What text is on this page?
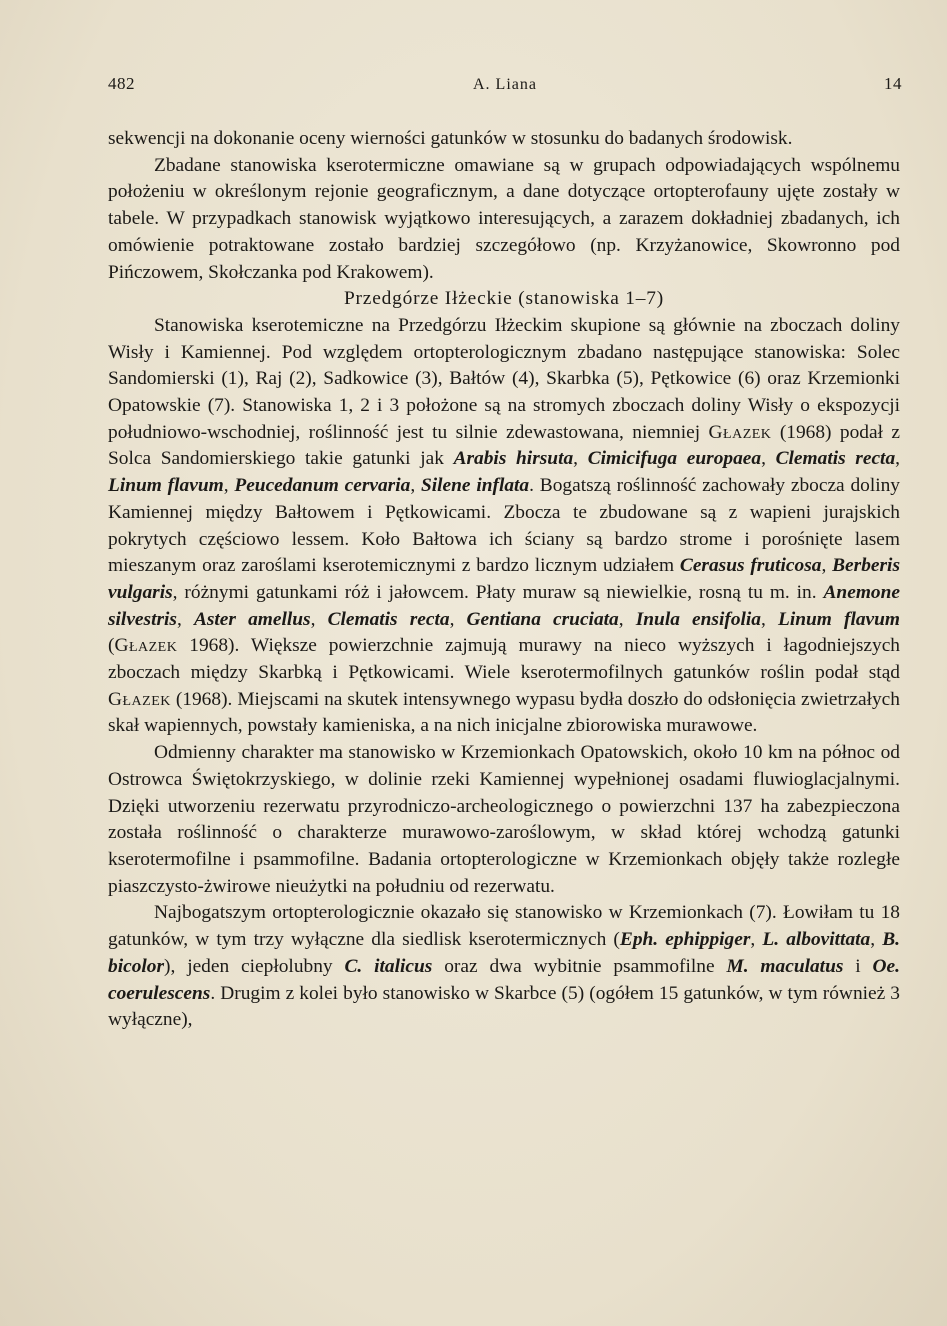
482	A. Liana	14

sekwencji na dokonanie oceny wierności gatunków w stosunku do badanych środowisk.

Zbadane stanowiska kserotermiczne omawiane są w grupach odpowiadających wspólnemu położeniu w określonym rejonie geograficznym, a dane dotyczące ortopterofauny ujęte zostały w tabele. W przypadkach stanowisk wyjątkowo interesujących, a zarazem dokładniej zbadanych, ich omówienie potraktowane zostało bardziej szczegółowo (np. Krzyżanowice, Skowronno pod Pińczowem, Skołczanka pod Krakowem).

Przedgórze Iłżeckie (stanowiska 1–7)

Stanowiska kserotemiczne na Przedgórzu Iłżeckim skupione są głównie na zboczach doliny Wisły i Kamiennej. Pod względem ortopterologicznym zbadano następujące stanowiska: Solec Sandomierski (1), Raj (2), Sadkowice (3), Bałtów (4), Skarbka (5), Pętkowice (6) oraz Krzemionki Opatowskie (7). Stanowiska 1, 2 i 3 położone są na stromych zboczach doliny Wisły o ekspozycji południowo-wschodniej, roślinność jest tu silnie zdewastowana, niemniej Głazek (1968) podał z Solca Sandomierskiego takie gatunki jak Arabis hirsuta, Cimicifuga europaea, Clematis recta, Linum flavum, Peucedanum cervaria, Silene inflata. Bogatszą roślinność zachowały zbocza doliny Kamiennej między Bałtowem i Pętkowicami. Zbocza te zbudowane są z wapieni jurajskich pokrytych częściowo lessem. Koło Bałtowa ich ściany są bardzo strome i porośnięte lasem mieszanym oraz zaroślami kserotemicznymi z bardzo licznym udziałem Cerasus fruticosa, Berberis vulgaris, różnymi gatunkami róż i jałowcem. Płaty muraw są niewielkie, rosną tu m. in. Anemone silvestris, Aster amellus, Clematis recta, Gentiana cruciata, Inula ensifolia, Linum flavum (Głazek 1968). Większe powierzchnie zajmują murawy na nieco wyższych i łagodniejszych zboczach między Skarbką i Pętkowicami. Wiele kserotermofilnych gatunków roślin podał stąd Głazek (1968). Miejscami na skutek intensywnego wypasu bydła doszło do odsłonięcia zwietrzałych skał wapiennych, powstały kamieniska, a na nich inicjalne zbiorowiska murawowe.

Odmienny charakter ma stanowisko w Krzemionkach Opatowskich, około 10 km na północ od Ostrowca Świętokrzyskiego, w dolinie rzeki Kamiennej wypełnionej osadami fluwioglacjalnymi. Dzięki utworzeniu rezerwatu przyrodniczo-archeologicznego o powierzchni 137 ha zabezpieczona została roślinność o charakterze murawowo-zaroślowym, w skład której wchodzą gatunki kserotermofilne i psammofilne. Badania ortopterologiczne w Krzemionkach objęły także rozległe piaszczysto-żwirowe nieużytki na południu od rezerwatu.

Najbogatszym ortopterologicznie okazało się stanowisko w Krzemionkach (7). Łowiłam tu 18 gatunków, w tym trzy wyłączne dla siedlisk kserotermicznych (Eph. ephippiger, L. albovittata, B. bicolor), jeden ciepłolubny C. italicus oraz dwa wybitnie psammofilne M. maculatus i Oe. coerulescens. Drugim z kolei było stanowisko w Skarbce (5) (ogółem 15 gatunków, w tym również 3 wyłączne),
